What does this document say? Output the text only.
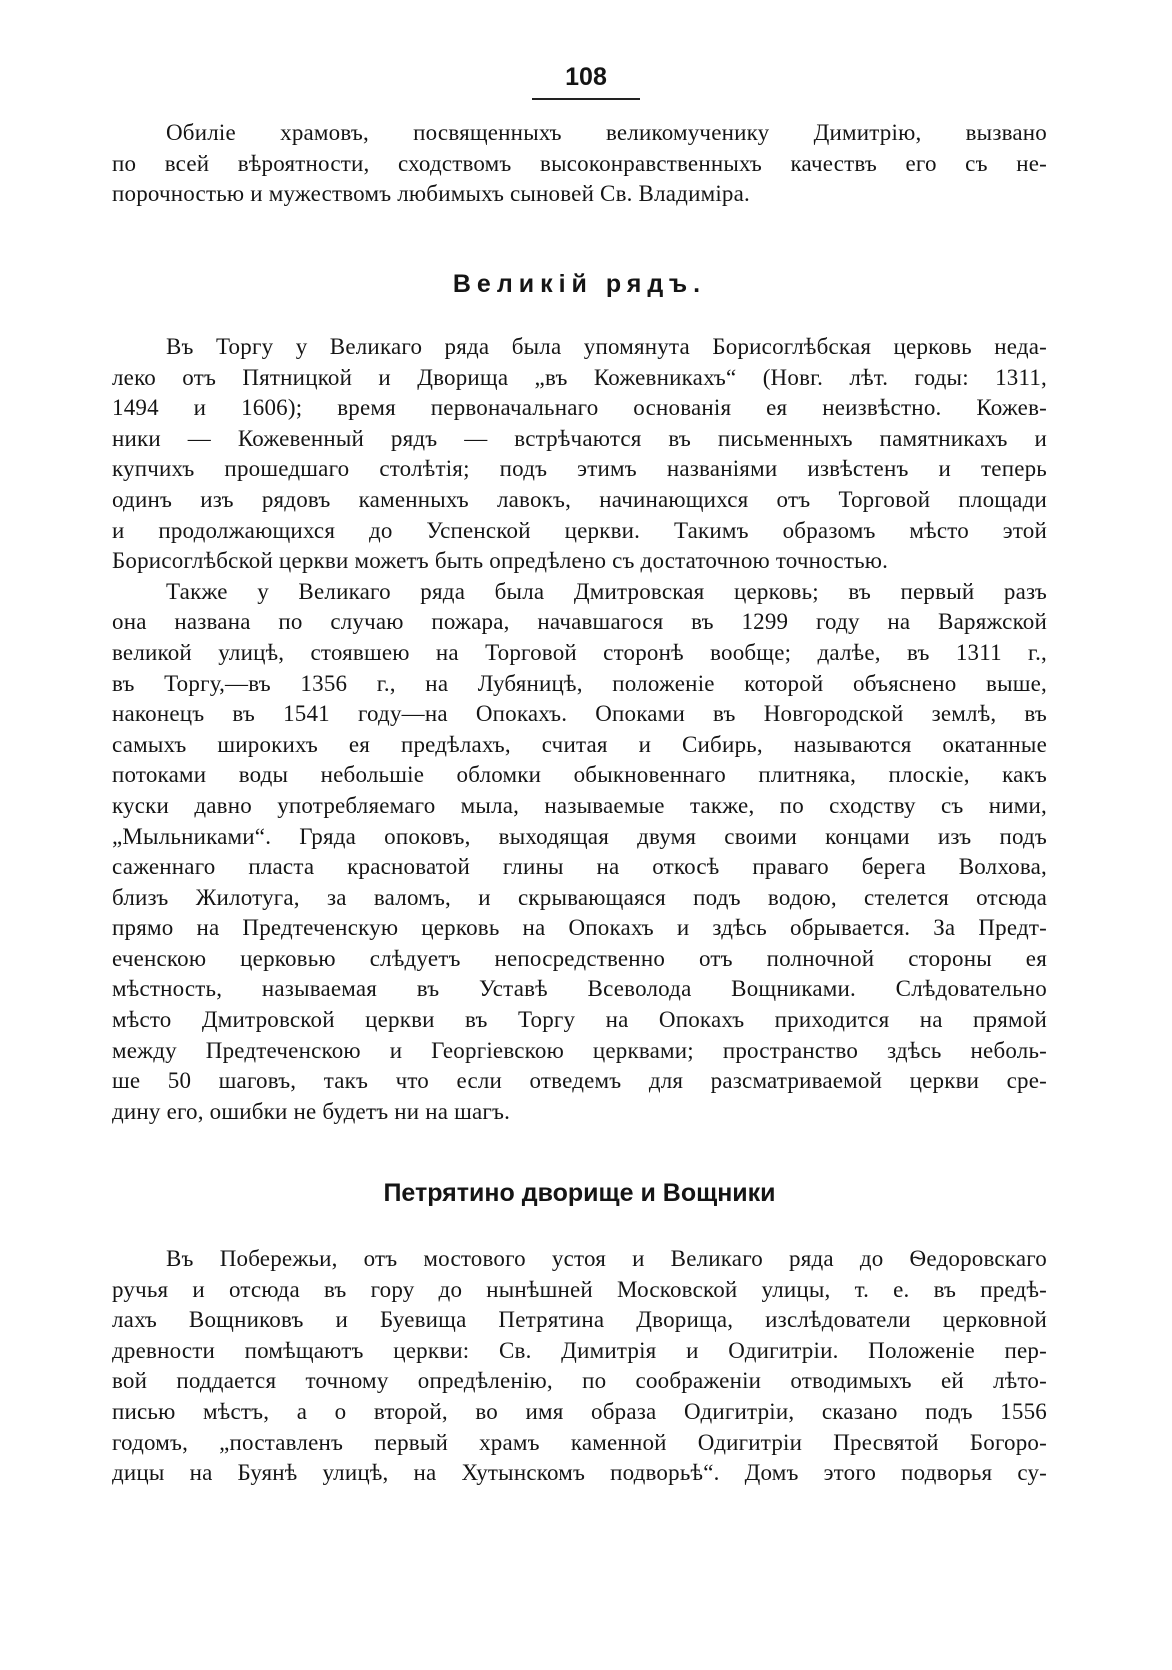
108
Обиліе храмовъ, посвященныхъ великомученику Димитрію, вызвано
по всей вѣроятности, сходствомъ высоконравственныхъ качествъ его съ не-
порочностью и мужествомъ любимыхъ сыновей Св. Владиміра.
Великій рядъ.
Въ Торгу у Великаго ряда была упомянута Борисоглѣбская церковь неда-
леко отъ Пятницкой и Дворища „въ Кожевникахъ“ (Новг. лѣт. годы: 1311,
1494 и 1606); время первоначальнаго основанія ея неизвѣстно. Кожев-
ники — Кожевенный рядъ — встрѣчаются въ письменныхъ памятникахъ и
купчихъ прошедшаго столѣтія; подъ этимъ названіями извѣстенъ и теперь
одинъ изъ рядовъ каменныхъ лавокъ, начинающихся отъ Торговой площади
и продолжающихся до Успенской церкви. Такимъ образомъ мѣсто этой
Борисоглѣбской церкви можетъ быть опредѣлено съ достаточною точностью.
Также у Великаго ряда была Дмитровская церковь; въ первый разъ
она названа по случаю пожара, начавшагося въ 1299 году на Варяжской
великой улицѣ, стоявшею на Торговой сторонѣ вообще; далѣе, въ 1311 г.,
въ Торгу,—въ 1356 г., на Лубяницѣ, положеніе которой объяснено выше,
наконецъ въ 1541 году—на Опокахъ. Опоками въ Новгородской землѣ, въ
самыхъ широкихъ ея предѣлахъ, считая и Сибирь, называются окатанные
потоками воды небольшіе обломки обыкновеннаго плитняка, плоскіе, какъ
куски давно употребляемаго мыла, называемые также, по сходству съ ними,
„Мыльниками“. Гряда опоковъ, выходящая двумя своими концами изъ подъ
саженнаго пласта красноватой глины на откосѣ праваго берега Волхова,
близъ Жилотуга, за валомъ, и скрывающаяся подъ водою, стелется отсюда
прямо на Предтеченскую церковь на Опокахъ и здѣсь обрывается. За Предт-
еченскою церковью слѣдуетъ непосредственно отъ полночной стороны ея
мѣстность, называемая въ Уставѣ Всеволода Вощниками. Слѣдовательно
мѣсто Дмитровской церкви въ Торгу на Опокахъ приходится на прямой
между Предтеченскою и Георгіевскою церквами; пространство здѣсь неболь-
ше 50 шаговъ, такъ что если отведемъ для разсматриваемой церкви сре-
дину его, ошибки не будетъ ни на шагъ.
Петрятино дворище и Вощники
Въ Побережьи, отъ мостового устоя и Великаго ряда до Ѳедоровскаго
ручья и отсюда въ гору до нынѣшней Московской улицы, т. е. въ предѣ-
лахъ Вощниковъ и Буевища Петрятина Дворища, изслѣдователи церковной
древности помѣщаютъ церкви: Св. Димитрія и Одигитріи. Положеніе пер-
вой поддается точному опредѣленію, по соображеніи отводимыхъ ей лѣто-
писью мѣстъ, а о второй, во имя образа Одигитріи, сказано подъ 1556
годомъ, „поставленъ первый храмъ каменной Одигитріи Пресвятой Богоро-
дицы на Буянѣ улицѣ, на Хутынскомъ подворьѣ“. Домъ этого подворья су-
